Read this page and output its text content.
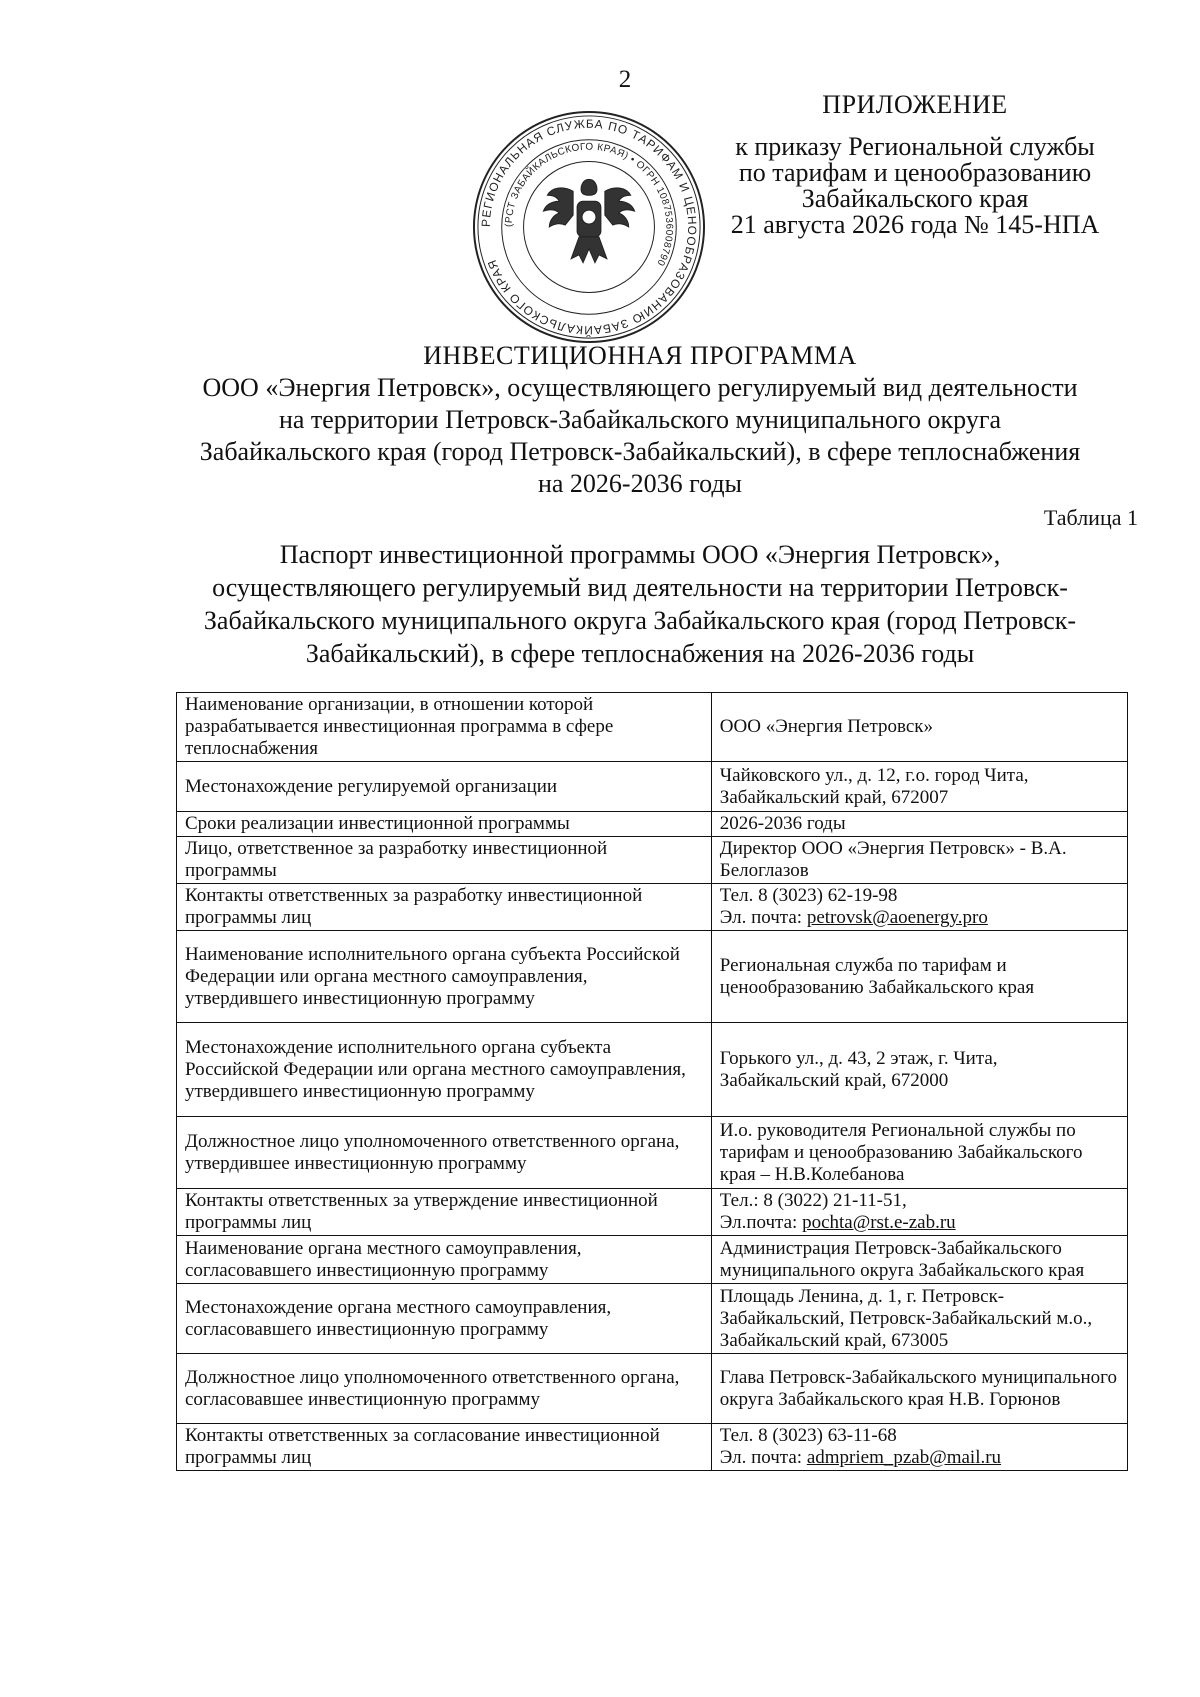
2
ПРИЛОЖЕНИЕ
к приказу Региональной службы
по тарифам и ценообразованию
Забайкальского края
21 августа 2026 года № 145-НПА
РЕГИОНАЛЬНАЯ СЛУЖБА ПО ТАРИФАМ И ЦЕНООБРАЗОВАНИЮ ЗАБАЙКАЛЬСКОГО КРАЯ
(РСТ ЗАБАЙКАЛЬСКОГО КРАЯ) • ОГРН 1087536008790
ИНВЕСТИЦИОННАЯ ПРОГРАММА
ООО «Энергия Петровск», осуществляющего регулируемый вид деятельности
на территории Петровск-Забайкальского муниципального округа
Забайкальского края (город Петровск-Забайкальский), в сфере теплоснабжения
на 2026-2036 годы
Таблица 1
Паспорт инвестиционной программы ООО «Энергия Петровск»,
осуществляющего регулируемый вид деятельности на территории Петровск-
Забайкальского муниципального округа Забайкальского края (город Петровск-
Забайкальский), в сфере теплоснабжения на 2026-2036 годы
Наименование организации, в отношении которой разрабатывается инвестиционная программа в сфере теплоснабжения	ООО «Энергия Петровск»
Местонахождение регулируемой организации	Чайковского ул., д. 12, г.о. город Чита, Забайкальский край, 672007
Сроки реализации инвестиционной программы	2026-2036 годы
Лицо, ответственное за разработку инвестиционной программы	Директор ООО «Энергия Петровск» - В.А. Белоглазов
Контакты ответственных за разработку инвестиционной программы лиц	Тел. 8 (3023) 62-19-98
Эл. почта: petrovsk@aoenergy.pro

Наименование исполнительного органа субъекта Российской Федерации или органа местного самоуправления, утвердившего инвестиционную программу	Региональная служба по тарифам и ценообразованию Забайкальского края
Местонахождение исполнительного органа субъекта Российской Федерации или органа местного самоуправления, утвердившего инвестиционную программу	Горького ул., д. 43, 2 этаж, г. Чита, Забайкальский край, 672000
Должностное лицо уполномоченного ответственного органа, утвердившее инвестиционную программу	И.о. руководителя Региональной службы по тарифам и ценообразованию Забайкальского края – Н.В.Колебанова
Контакты ответственных за утверждение инвестиционной программы лиц	Тел.: 8 (3022) 21-11-51,
Эл.почта: pochta@rst.e-zab.ru

Наименование органа местного самоуправления, согласовавшего инвестиционную программу	Администрация Петровск-Забайкальского муниципального округа Забайкальского края
Местонахождение органа местного самоуправления, согласовавшего инвестиционную программу	Площадь Ленина, д. 1, г. Петровск-Забайкальский, Петровск-Забайкальский м.о., Забайкальский край, 673005
Должностное лицо уполномоченного ответственного органа, согласовавшее инвестиционную программу	Глава Петровск-Забайкальского муниципального округа Забайкальского края Н.В. Горюнов
Контакты ответственных за согласование инвестиционной программы лиц	Тел. 8 (3023) 63-11-68
Эл. почта: admpriem_pzab@mail.ru
